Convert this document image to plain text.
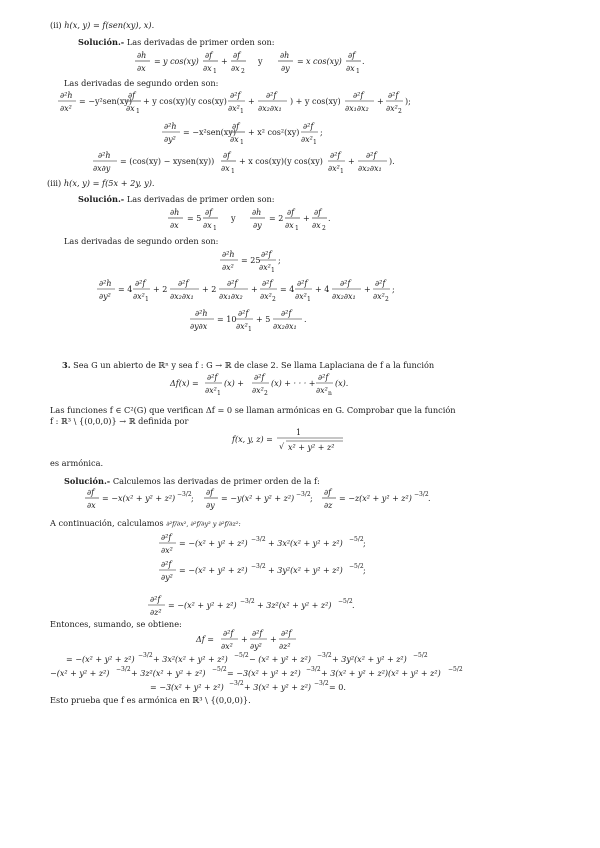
(ii) h(x, y) = f(sen(xy), x).
Solución.- Las derivadas de primer orden son:
∂h
∂x
= y cos(xy)
∂f
∂x 1
+
∂f
∂x 2
y
∂h
∂y
= x cos(xy)
∂f
∂x 1
.
Las derivadas de segundo orden son:
∂²h
∂x²
= −y²sen(xy)
∂f
∂x 1
+ y cos(xy)(y cos(xy)
∂²f
∂x² 1
+
∂²f
∂x₂∂x₁
) + y cos(xy)
∂²f
∂x₁∂x₂
+
∂²f
∂x² 2
);
∂²h
∂y²
= −x²sen(xy)
∂f
∂x 1
+ x² cos²(xy)
∂²f
∂x² 1
;
∂²h
∂x∂y
= (cos(xy) − xysen(xy))
∂f
∂x 1
+ x cos(xy)(y cos(xy)
∂²f
∂x² 1
+
∂²f
∂x₂∂x₁
).
(iii) h(x, y) = f(5x + 2y, y).
Solución.- Las derivadas de primer orden son:
∂h
∂x
= 5
∂f
∂x 1
y
∂h
∂y
= 2
∂f
∂x 1
+
∂f
∂x 2
.
Las derivadas de segundo orden son:
∂²h
∂x²
= 25
∂²f
∂x² 1
;
∂²h
∂y²
= 4
∂²f
∂x² 1
+ 2
∂²f
∂x₂∂x₁
+ 2
∂²f
∂x₁∂x₂
+
∂²f
∂x² 2
= 4
∂²f
∂x² 1
+ 4
∂²f
∂x₂∂x₁
+
∂²f
∂x² 2
;
∂²h
∂y∂x
= 10
∂²f
∂x² 1
+ 5
∂²f
∂x₂∂x₁
.
3. Sea G un abierto de ℝⁿ y sea f : G → ℝ de clase 2. Se llama Laplaciana de f a la función
Δf(x) =
∂²f
∂x² 1
(x) +
∂²f
∂x² 2
(x) + · · · +
∂²f
∂x² n
(x).
Las funciones f ∈ C²(G) que verifican Δf = 0 se llaman armónicas en G. Comprobar que la función
f : ℝ³ \ {(0,0,0)} → ℝ definida por
f(x, y, z) =
1
√ x² + y² + z²
es armónica.
Solución.- Calculemos las derivadas de primer orden de la f:
∂f
∂x
= −x(x² + y² + z²) −3/2 ;
∂f
∂y
= −y(x² + y² + z²) −3/2 ;
∂f
∂z
= −z(x² + y² + z²) −3/2 .
A continuación, calculamos ∂²f/∂x², ∂²f/∂y² y ∂²f/∂z²:
∂²f
∂x²
= −(x² + y² + z²) −3/2 + 3x²(x² + y² + z²) −5/2 ;
∂²f
∂y²
= −(x² + y² + z²) −3/2 + 3y²(x² + y² + z²) −5/2 ;
∂²f
∂z²
= −(x² + y² + z²) −3/2 + 3z²(x² + y² + z²) −5/2 .
Entonces, sumando, se obtiene:
Δf =
∂²f
∂x²
+
∂²f
∂y²
+
∂²f
∂z²
= −(x² + y² + z²) −3/2 + 3x²(x² + y² + z²) −5/2 − (x² + y² + z²) −3/2 + 3y²(x² + y² + z²) −5/2
−(x² + y² + z²) −3/2 + 3z²(x² + y² + z²) −5/2 = −3(x² + y² + z²) −3/2 + 3(x² + y² + z²)(x² + y² + z²) −5/2
= −3(x² + y² + z²) −3/2 + 3(x² + y² + z²) −3/2 = 0.
Esto prueba que f es armónica en ℝ³ \ {(0,0,0)}.
